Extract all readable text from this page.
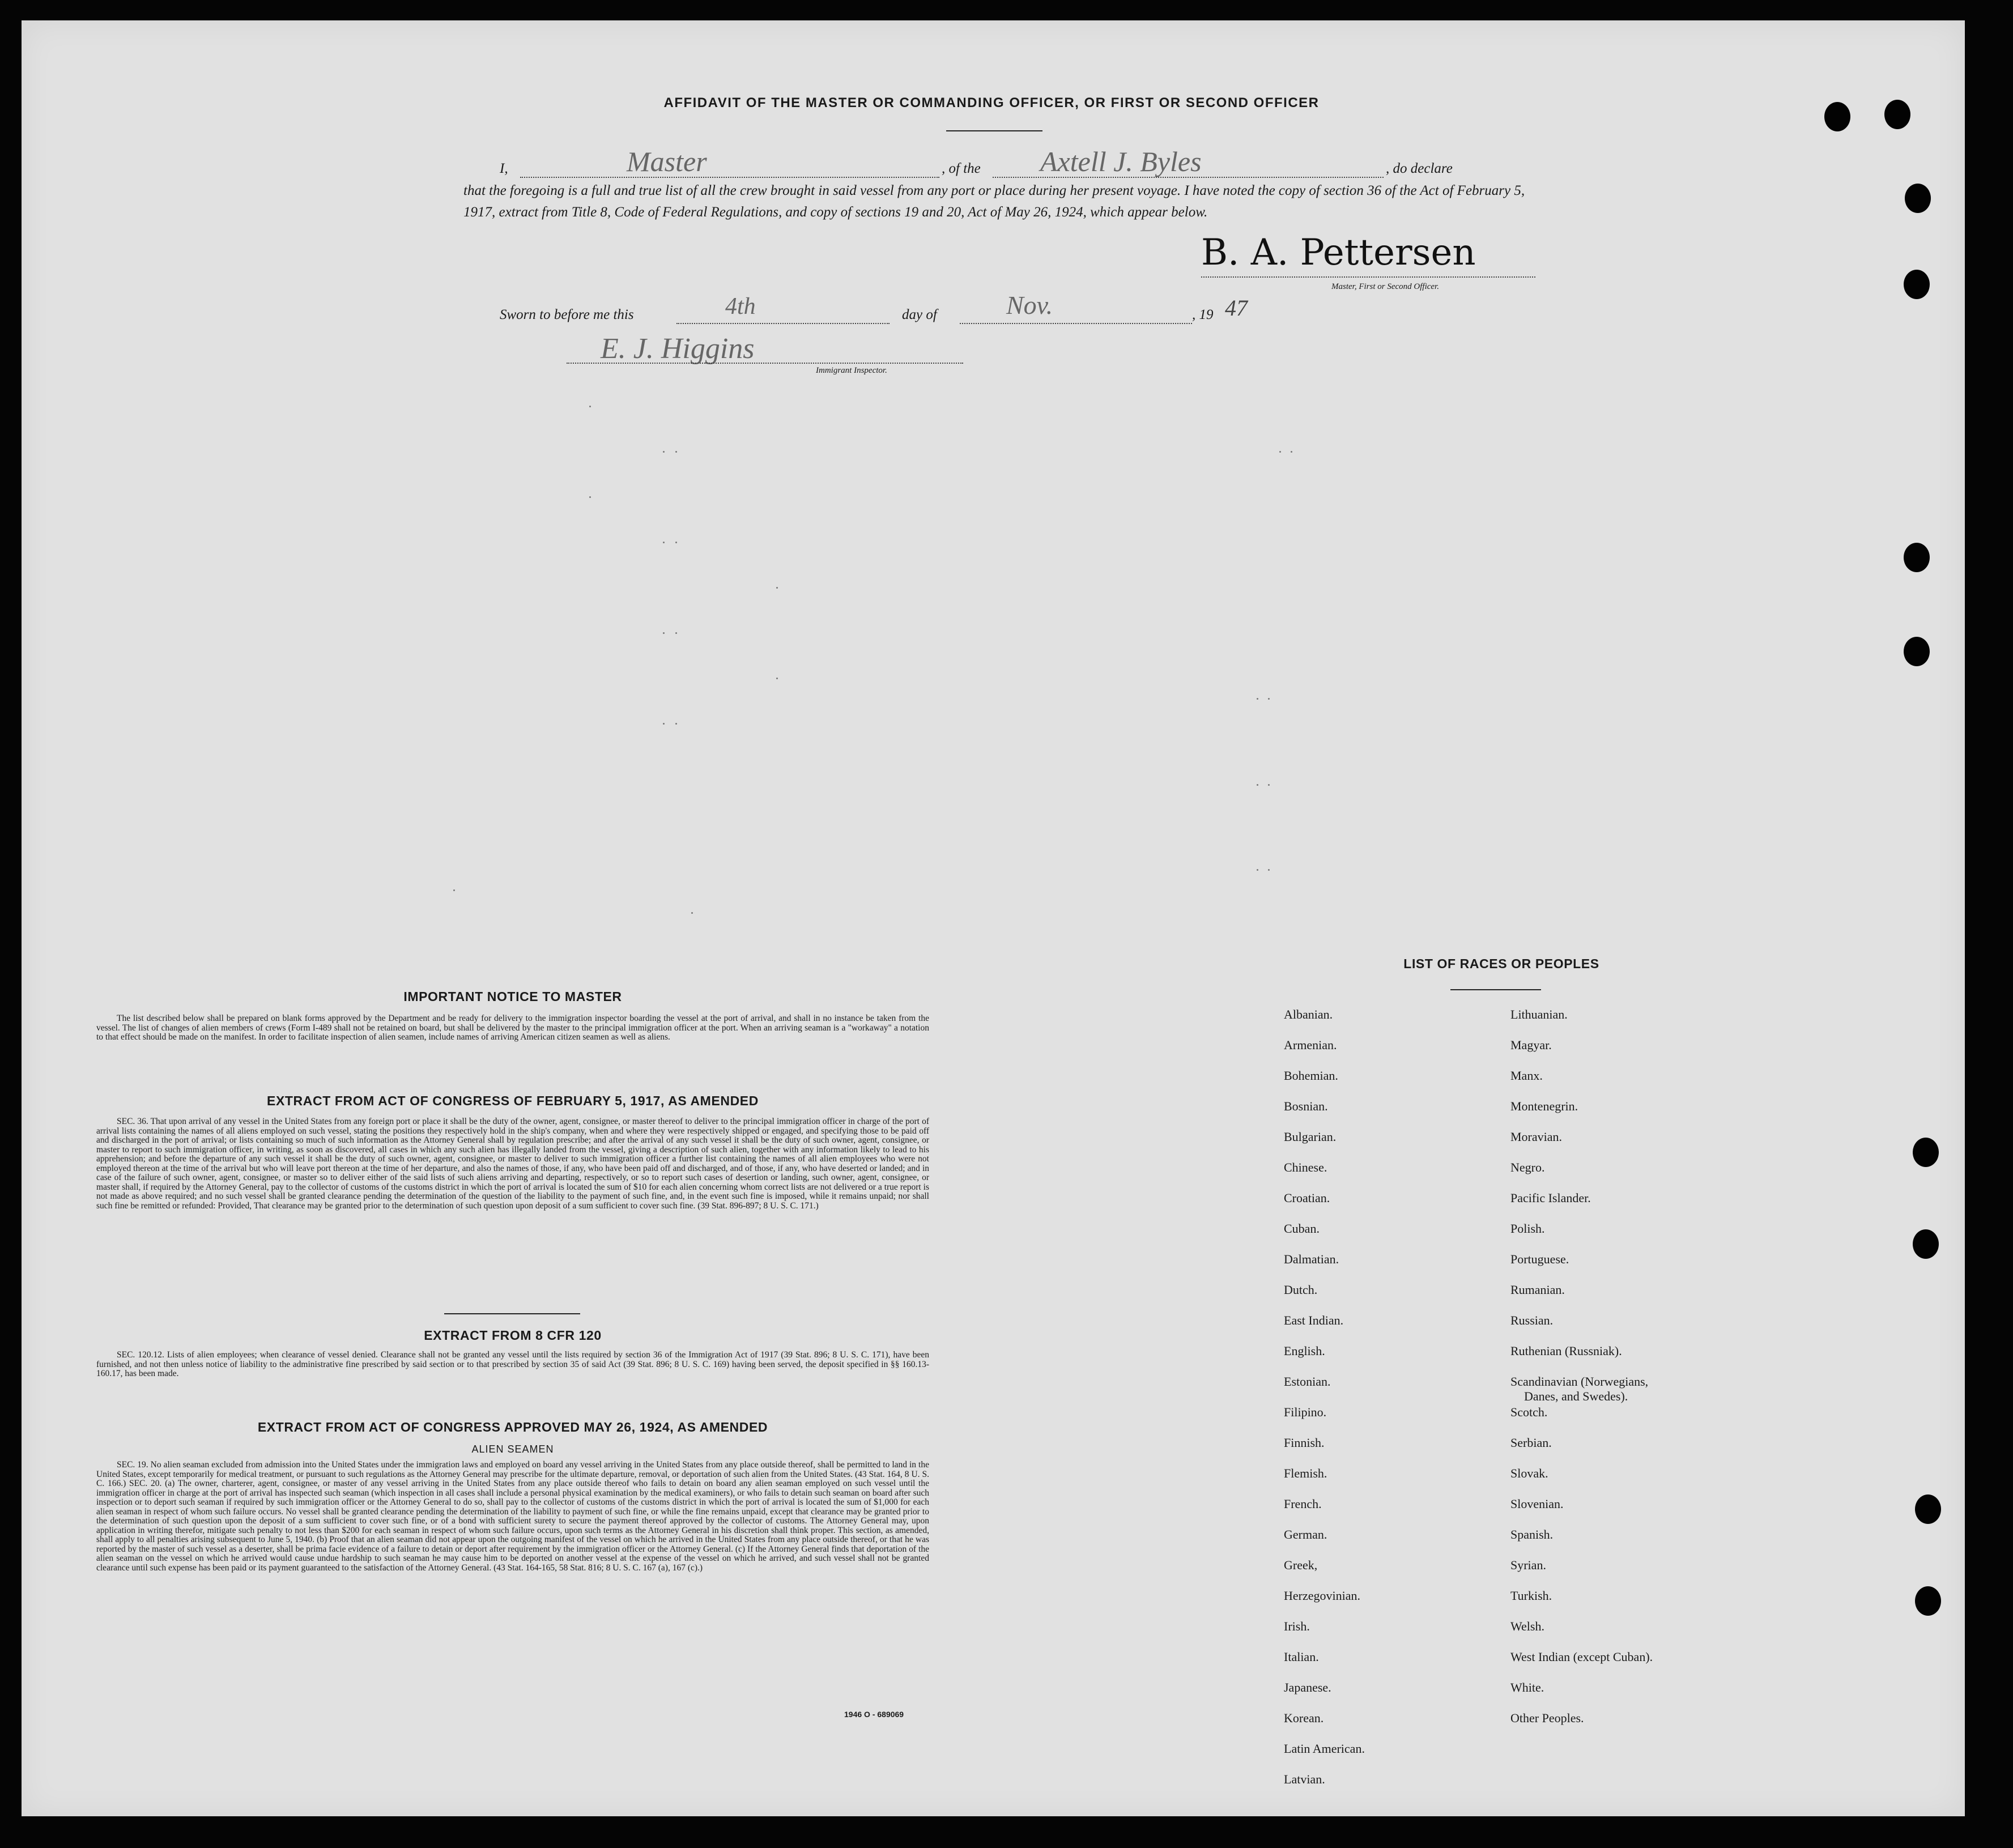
AFFIDAVIT OF THE MASTER OR COMMANDING OFFICER, OR FIRST OR SECOND OFFICER
I,	Master	, of the Axtell J. Byles	, do declare
that the foregoing is a full and true list of all the crew brought in said vessel from any port or place during her present voyage. I have noted the copy of section 36 of the Act of February 5, 1917, extract from Title 8, Code of Federal Regulations, and copy of sections 19 and 20, Act of May 26, 1924, which appear below.
B. A. Pettersen
Master, First or Second Officer.
Sworn to before me this	4th	day of	Nov.	, 19 47
E. J. Higgins
Immigrant Inspector.
IMPORTANT NOTICE TO MASTER
The list described below shall be prepared on blank forms approved by the Department and be ready for delivery to the immigration inspector boarding the vessel at the port of arrival, and shall in no instance be taken from the vessel. The list of changes of alien members of crews (Form I-489 shall not be retained on board, but shall be delivered by the master to the principal immigration officer at the port. When an arriving seaman is a "workaway" a notation to that effect should be made on the manifest. In order to facilitate inspection of alien seamen, include names of arriving American citizen seamen as well as aliens.
EXTRACT FROM ACT OF CONGRESS OF FEBRUARY 5, 1917, AS AMENDED
SEC. 36. That upon arrival of any vessel in the United States from any foreign port or place it shall be the duty of the owner, agent, consignee, or master thereof to deliver to the principal immigration officer in charge of the port of arrival lists containing the names of all aliens employed on such vessel, stating the positions they respectively hold in the ship's company, when and where they were respectively shipped or engaged, and specifying those to be paid off and discharged in the port of arrival; or lists containing so much of such information as the Attorney General shall by regulation prescribe; and after the arrival of any such vessel it shall be the duty of such owner, agent, consignee, or master to report to such immigration officer, in writing, as soon as discovered, all cases in which any such alien has illegally landed from the vessel, giving a description of such alien, together with any information likely to lead to his apprehension; and before the departure of any such vessel it shall be the duty of such owner, agent, consignee, or master to deliver to such immigration officer a further list containing the names of all alien employees who were not employed thereon at the time of the arrival but who will leave port thereon at the time of her departure, and also the names of those, if any, who have been paid off and discharged, and of those, if any, who have deserted or landed; and in case of the failure of such owner, agent, consignee, or master so to deliver either of the said lists of such aliens arriving and departing, respectively, or so to report such cases of desertion or landing, such owner, agent, consignee, or master shall, if required by the Attorney General, pay to the collector of customs of the customs district in which the port of arrival is located the sum of $10 for each alien concerning whom correct lists are not delivered or a true report is not made as above required; and no such vessel shall be granted clearance pending the determination of the question of the liability to the payment of such fine, and, in the event such fine is imposed, while it remains unpaid; nor shall such fine be remitted or refunded: Provided, That clearance may be granted prior to the determination of such question upon deposit of a sum sufficient to cover such fine. (39 Stat. 896-897; 8 U. S. C. 171.)
EXTRACT FROM 8 CFR 120
SEC. 120.12. Lists of alien employees; when clearance of vessel denied. Clearance shall not be granted any vessel until the lists required by section 36 of the Immigration Act of 1917 (39 Stat. 896; 8 U. S. C. 171), have been furnished, and not then unless notice of liability to the administrative fine prescribed by said section or to that prescribed by section 35 of said Act (39 Stat. 896; 8 U. S. C. 169) having been served, the deposit specified in §§ 160.13-160.17, has been made.
EXTRACT FROM ACT OF CONGRESS APPROVED MAY 26, 1924, AS AMENDED
ALIEN SEAMEN
SEC. 19. No alien seaman excluded from admission into the United States under the immigration laws and employed on board any vessel arriving in the United States from any place outside thereof, shall be permitted to land in the United States, except temporarily for medical treatment, or pursuant to such regulations as the Attorney General may prescribe for the ultimate departure, removal, or deportation of such alien from the United States. (43 Stat. 164, 8 U. S. C. 166.) SEC. 20. (a) The owner, charterer, agent, consignee, or master of any vessel arriving in the United States from any place outside thereof who fails to detain on board any alien seaman employed on such vessel until the immigration officer in charge at the port of arrival has inspected such seaman (which inspection in all cases shall include a personal physical examination by the medical examiners), or who fails to detain such seaman on board after such inspection or to deport such seaman if required by such immigration officer or the Attorney General to do so, shall pay to the collector of customs of the customs district in which the port of arrival is located the sum of $1,000 for each alien seaman in respect of whom such failure occurs. No vessel shall be granted clearance pending the determination of the liability to payment of such fine, or while the fine remains unpaid, except that clearance may be granted prior to the determination of such question upon the deposit of a sum sufficient to cover such fine, or of a bond with sufficient surety to secure the payment thereof approved by the collector of customs. The Attorney General may, upon application in writing therefor, mitigate such penalty to not less than $200 for each seaman in respect of whom such failure occurs, upon such terms as the Attorney General in his discretion shall think proper. This section, as amended, shall apply to all penalties arising subsequent to June 5, 1940. (b) Proof that an alien seaman did not appear upon the outgoing manifest of the vessel on which he arrived in the United States from any place outside thereof, or that he was reported by the master of such vessel as a deserter, shall be prima facie evidence of a failure to detain or deport after requirement by the immigration officer or the Attorney General. (c) If the Attorney General finds that deportation of the alien seaman on the vessel on which he arrived would cause undue hardship to such seaman he may cause him to be deported on another vessel at the expense of the vessel on which he arrived, and such vessel shall not be granted clearance until such expense has been paid or its payment guaranteed to the satisfaction of the Attorney General. (43 Stat. 164-165, 58 Stat. 816; 8 U. S. C. 167 (a), 167 (c).)
1946 O - 689069
LIST OF RACES OR PEOPLES
Albanian.
Armenian.
Bohemian.
Bosnian.
Bulgarian.
Chinese.
Croatian.
Cuban.
Dalmatian.
Dutch.
East Indian.
English.
Estonian.
Filipino.
Finnish.
Flemish.
French.
German.
Greek,
Herzegovinian.
Irish.
Italian.
Japanese.
Korean.
Latin American.
Latvian.
Lithuanian.
Magyar.
Manx.
Montenegrin.
Moravian.
Negro.
Pacific Islander.
Polish.
Portuguese.
Rumanian.
Russian.
Ruthenian (Russniak).
Scandinavian (Norwegians,
Danes, and Swedes).
Scotch.
Serbian.
Slovak.
Slovenian.
Spanish.
Syrian.
Turkish.
Welsh.
West Indian (except Cuban).
White.
Other Peoples.
